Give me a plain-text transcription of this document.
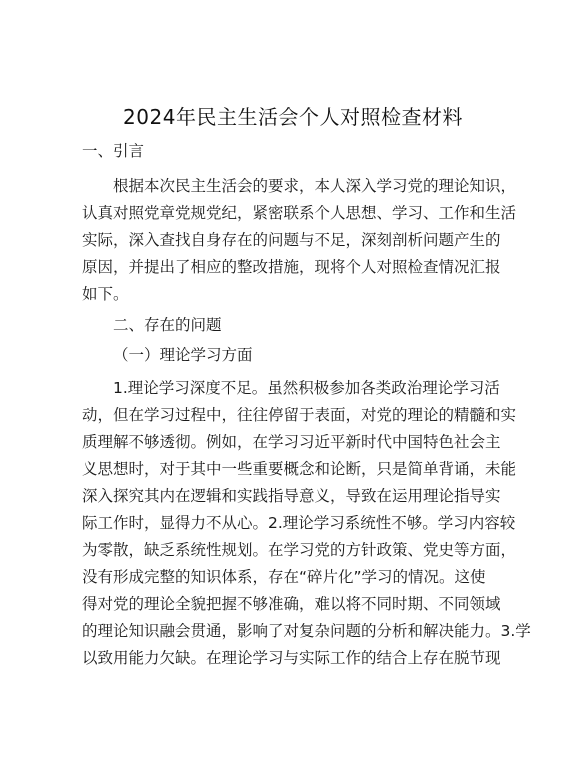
2024年民主生活会个人对照检查材料
一、引言
根据本次民主生活会的要求，本人深入学习党的理论知识，
认真对照党章党规党纪，紧密联系个人思想、学习、工作和生活
实际，深入查找自身存在的问题与不足，深刻剖析问题产生的
原因，并提出了相应的整改措施，现将个人对照检查情况汇报
如下。
二、存在的问题
（一）理论学习方面
1.理论学习深度不足。虽然积极参加各类政治理论学习活
动，但在学习过程中，往往停留于表面，对党的理论的精髓和实
质理解不够透彻。例如，在学习习近平新时代中国特色社会主
义思想时，对于其中一些重要概念和论断，只是简单背诵，未能
深入探究其内在逻辑和实践指导意义，导致在运用理论指导实
际工作时，显得力不从心。2.理论学习系统性不够。学习内容较
为零散，缺乏系统性规划。在学习党的方针政策、党史等方面，
没有形成完整的知识体系，存在“碎片化”学习的情况。这使
得对党的理论全貌把握不够准确，难以将不同时期、不同领域
的理论知识融会贯通，影响了对复杂问题的分析和解决能力。3.学
以致用能力欠缺。在理论学习与实际工作的结合上存在脱节现
